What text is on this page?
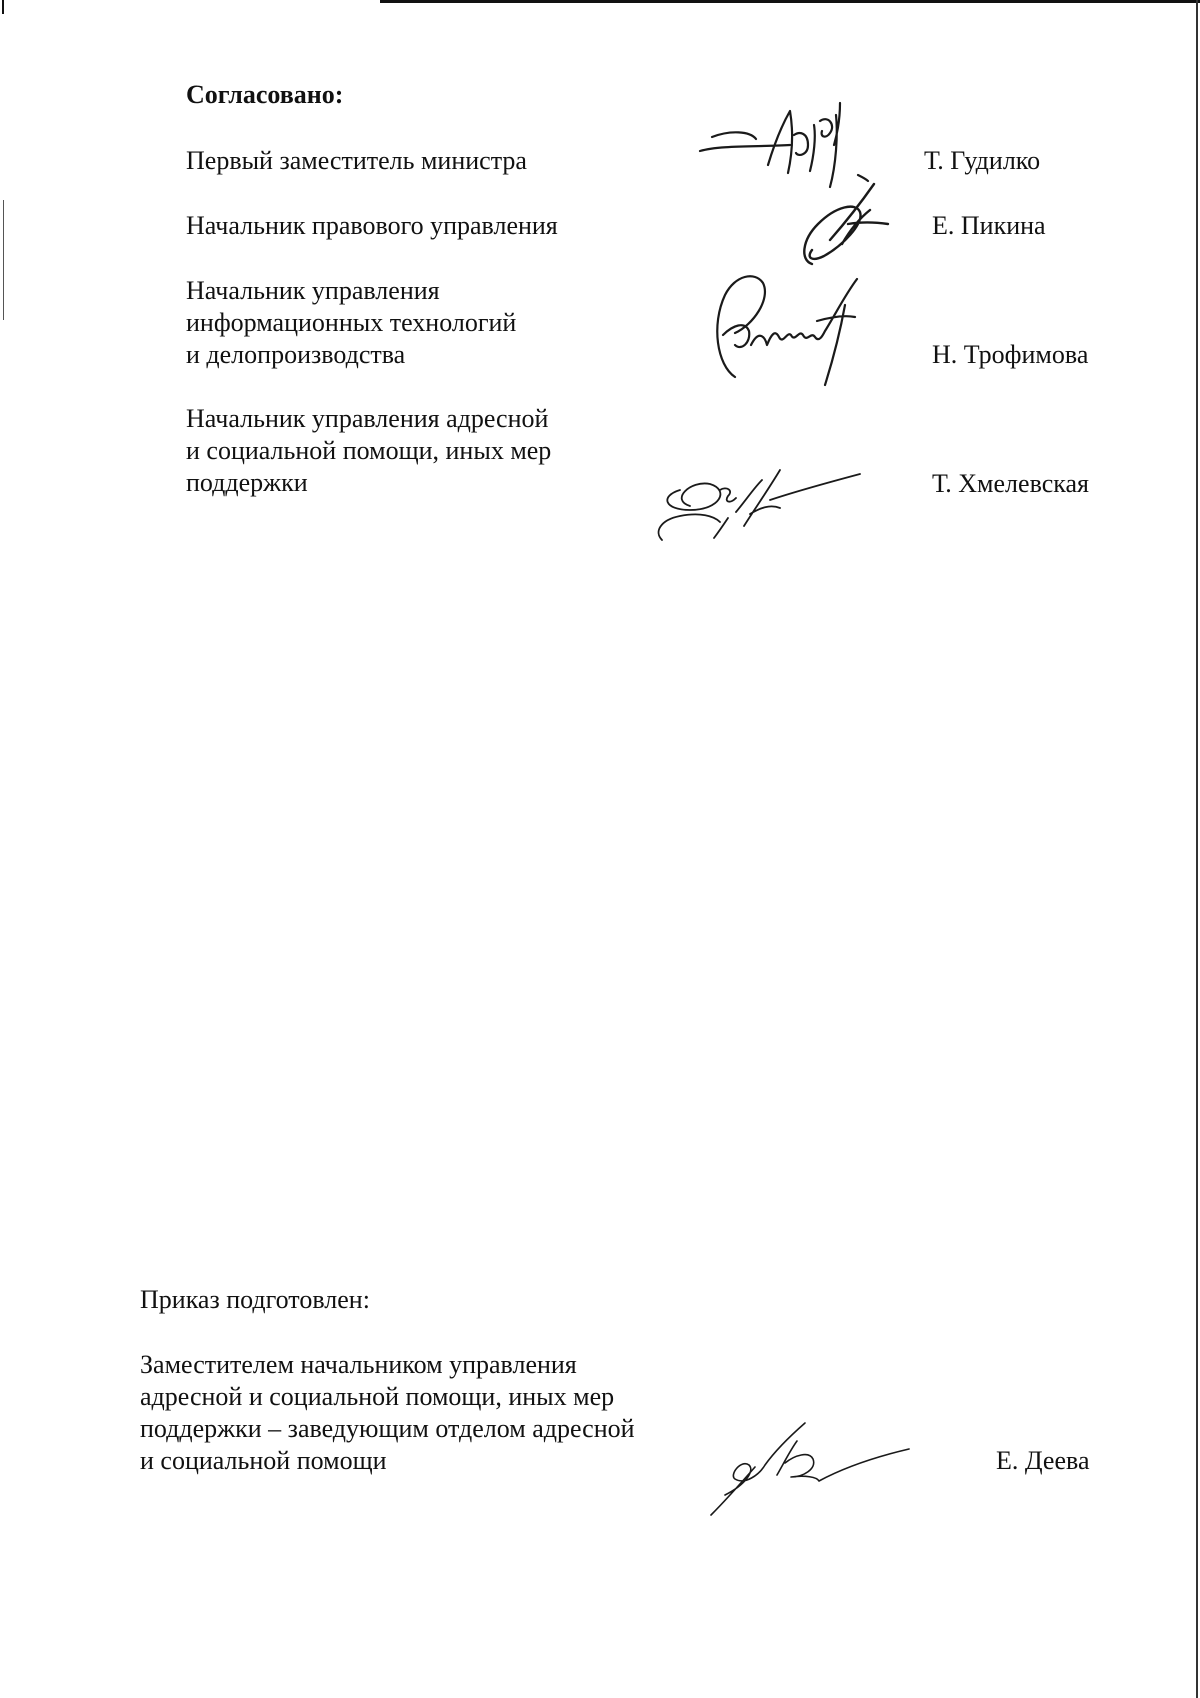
Согласовано:
Первый заместитель министра	Т. Гудилко
Начальник правового управления	Е. Пикина
Начальник управления
информационных технологий
и делопроизводства	Н. Трофимова
Начальник управления адресной
и социальной помощи, иных мер
поддержки	Т. Хмелевская
Приказ подготовлен:
Заместителем начальником управления
адресной и социальной помощи, иных мер
поддержки – заведующим отделом адресной
и социальной помощи	Е. Деева
